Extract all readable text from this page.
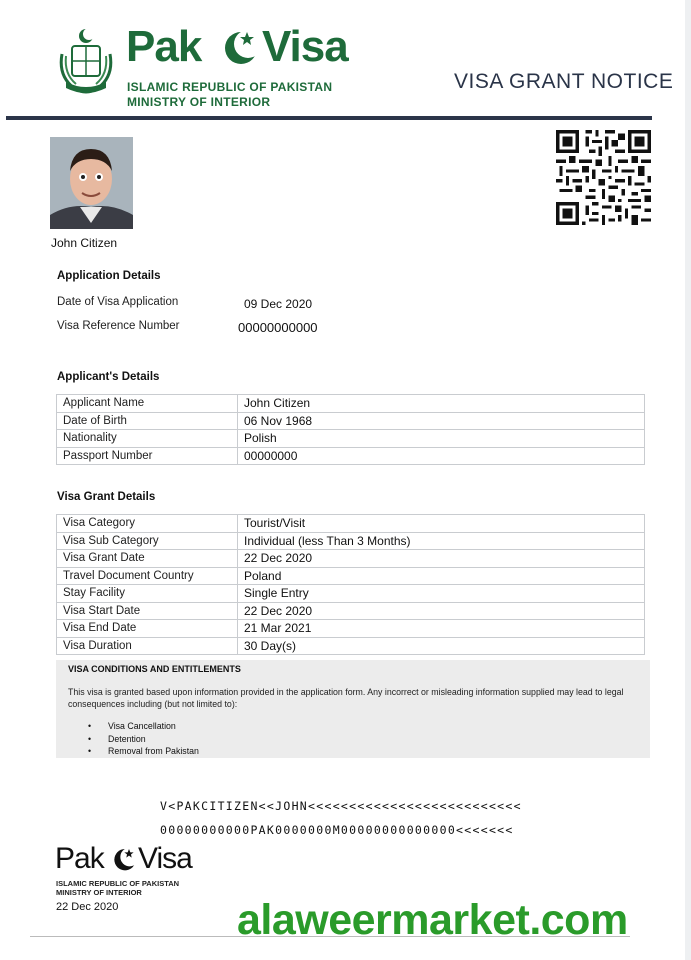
Pak Visa
ISLAMIC REPUBLIC OF PAKISTAN
MINISTRY OF INTERIOR
VISA GRANT NOTICE
John Citizen
Application Details
Date of Visa Application	09 Dec 2020
Visa Reference Number	00000000000
Applicant's Details
Applicant Name	John Citizen
Date of Birth	06 Nov 1968
Nationality	Polish
Passport Number	00000000
Visa Grant Details
Visa Category	Tourist/Visit
Visa Sub Category	Individual (less Than 3 Months)
Visa Grant Date	22 Dec 2020
Travel Document Country	Poland
Stay Facility	Single Entry
Visa Start Date	22 Dec 2020
Visa End Date	21 Mar 2021
Visa Duration	30 Day(s)
VISA CONDITIONS AND ENTITLEMENTS
This visa is granted based upon information provided in the application form. Any incorrect or misleading information supplied may lead to legal consequences including (but not limited to):
• Visa Cancellation
• Detention
• Removal from Pakistan
V<PAKCITIZEN<<JOHN<<<<<<<<<<<<<<<<<<<<<<<<<<
00000000000PAK0000000M00000000000000<<<<<<<
Pak Visa
ISLAMIC REPUBLIC OF PAKISTAN
MINISTRY OF INTERIOR
22 Dec 2020	alaweermarket.com
